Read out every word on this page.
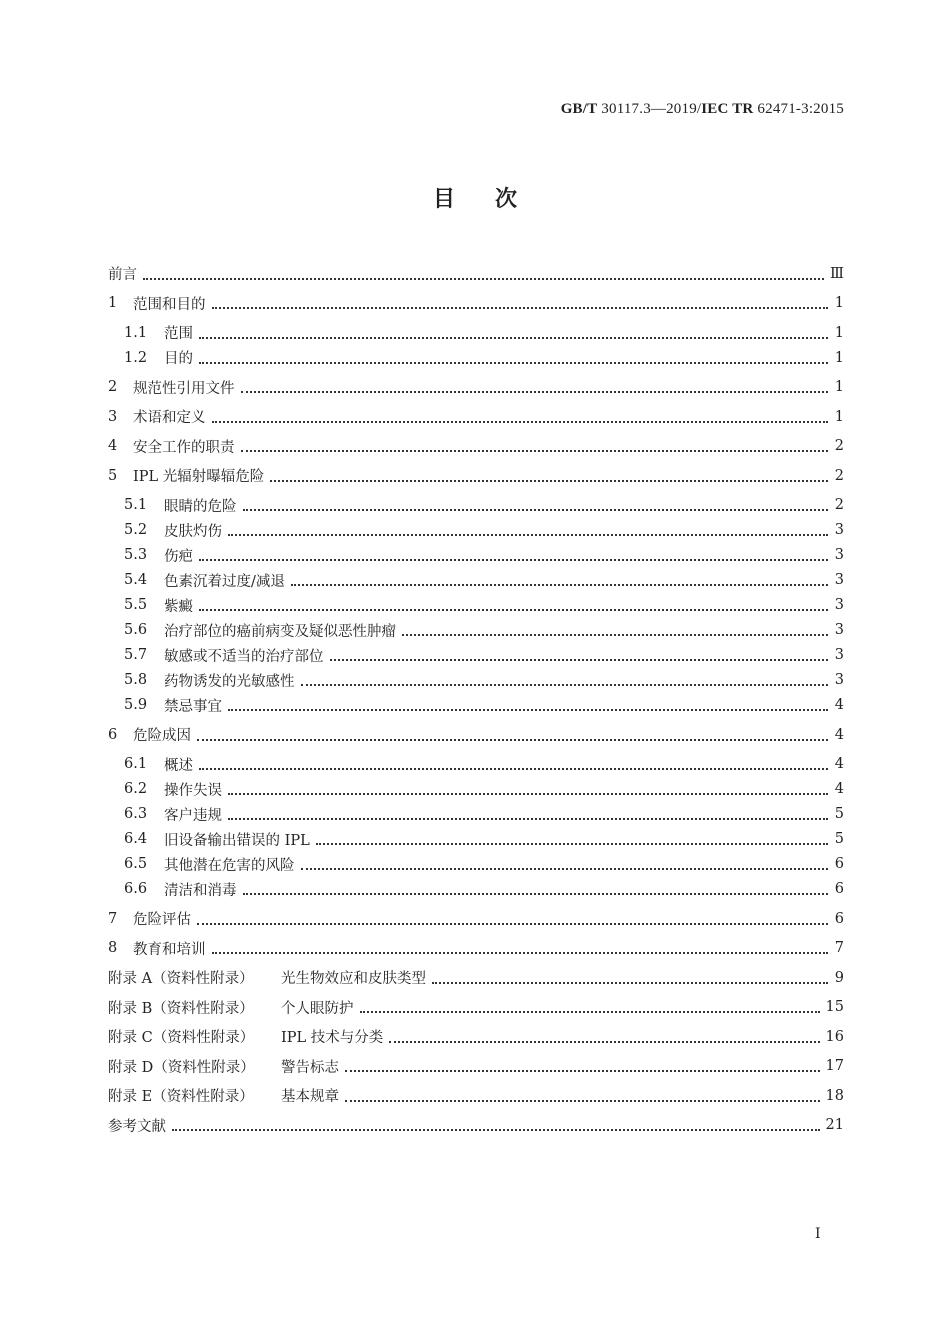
GB/T 30117.3—2019/IEC TR 62471-3:2015
目次
前言	Ⅲ
1	范围和目的	1
1.1	范围	1
1.2	目的	1
2	规范性引用文件	1
3	术语和定义	1
4	安全工作的职责	2
5	IPL 光辐射曝辐危险	2
5.1	眼睛的危险	2
5.2	皮肤灼伤	3
5.3	伤疤	3
5.4	色素沉着过度/减退	3
5.5	紫癜	3
5.6	治疗部位的癌前病变及疑似恶性肿瘤	3
5.7	敏感或不适当的治疗部位	3
5.8	药物诱发的光敏感性	3
5.9	禁忌事宜	4
6	危险成因	4
6.1	概述	4
6.2	操作失误	4
6.3	客户违规	5
6.4	旧设备输出错误的 IPL	5
6.5	其他潜在危害的风险	6
6.6	清洁和消毒	6
7	危险评估	6
8	教育和培训	7
附录 A（资料性附录）	光生物效应和皮肤类型	9
附录 B（资料性附录）	个人眼防护	15
附录 C（资料性附录）	IPL 技术与分类	16
附录 D（资料性附录）	警告标志	17
附录 E（资料性附录）	基本规章	18
参考文献	21
I
